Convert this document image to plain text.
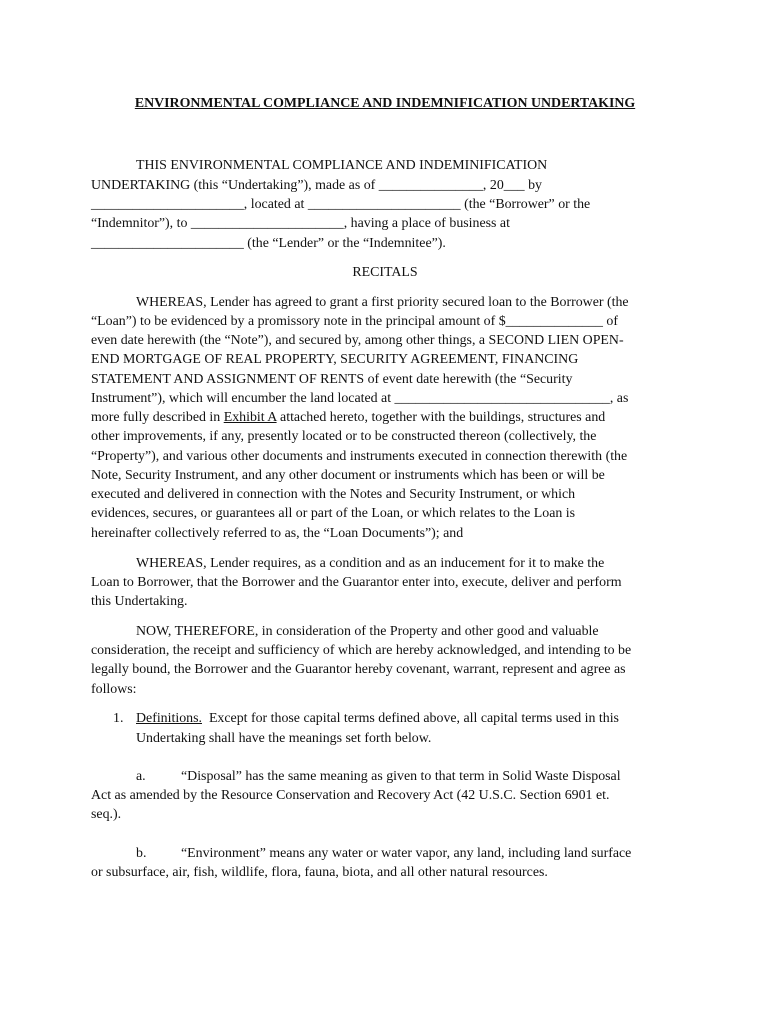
ENVIRONMENTAL COMPLIANCE AND INDEMNIFICATION UNDERTAKING
THIS ENVIRONMENTAL COMPLIANCE AND INDEMINIFICATION
UNDERTAKING (this “Undertaking”), made as of _______________, 20___ by
______________________, located at ______________________ (the “Borrower” or the
“Indemnitor”), to ______________________, having a place of business at
______________________ (the “Lender” or the “Indemnitee”).
RECITALS
WHEREAS, Lender has agreed to grant a first priority secured loan to the Borrower (the
“Loan”) to be evidenced by a promissory note in the principal amount of $______________ of
even date herewith (the “Note”), and secured by, among other things, a SECOND LIEN OPEN-
END MORTGAGE OF REAL PROPERTY, SECURITY AGREEMENT, FINANCING
STATEMENT AND ASSIGNMENT OF RENTS of event date herewith (the “Security
Instrument”), which will encumber the land located at _______________________________, as
more fully described in Exhibit A attached hereto, together with the buildings, structures and
other improvements, if any, presently located or to be constructed thereon (collectively, the
“Property”), and various other documents and instruments executed in connection therewith (the
Note, Security Instrument, and any other document or instruments which has been or will be
executed and delivered in connection with the Notes and Security Instrument, or which
evidences, secures, or guarantees all or part of the Loan, or which relates to the Loan is
hereinafter collectively referred to as, the “Loan Documents”); and
WHEREAS, Lender requires, as a condition and as an inducement for it to make the
Loan to Borrower, that the Borrower and the Guarantor enter into, execute, deliver and perform
this Undertaking.
NOW, THEREFORE, in consideration of the Property and other good and valuable
consideration, the receipt and sufficiency of which are hereby acknowledged, and intending to be
legally bound, the Borrower and the Guarantor hereby covenant, warrant, represent and agree as
follows:
1. Definitions. Except for those capital terms defined above, all capital terms used in this
Undertaking shall have the meanings set forth below.
a.	“Disposal” has the same meaning as given to that term in Solid Waste Disposal
Act as amended by the Resource Conservation and Recovery Act (42 U.S.C. Section 6901 et.
seq.).
b. “Environment” means any water or water vapor, any land, including land surface
or subsurface, air, fish, wildlife, flora, fauna, biota, and all other natural resources.
